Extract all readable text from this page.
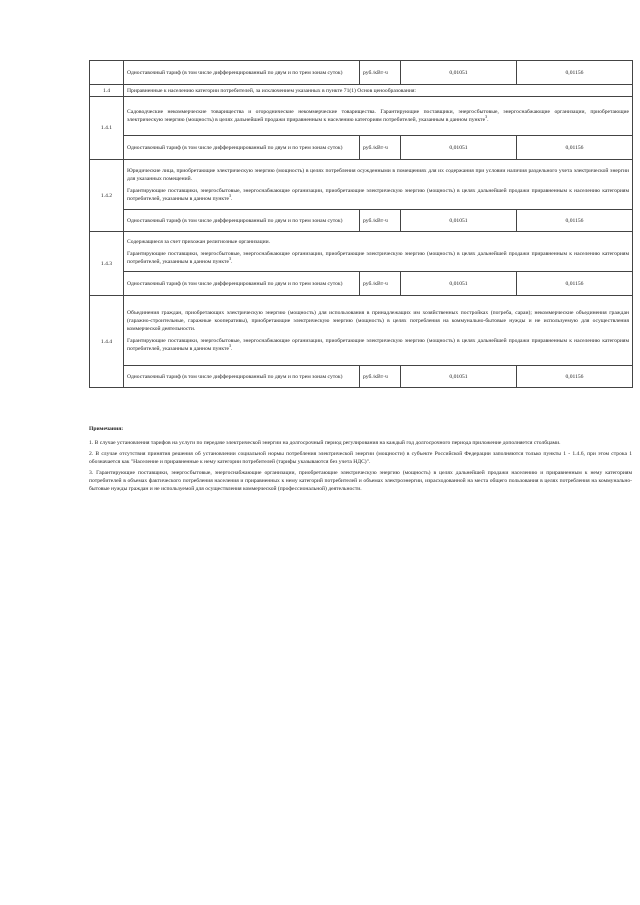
	Одноставочный тариф (в том числе дифференцированный по двум и по трем зонам суток)	руб./кВт·ч	0,01051	0,01156
1.4	Приравненные к населению категории потребителей, за исключением указанных в пункте 71(1) Основ ценообразования:			
1.4.1	Садоводческие некоммерческие товарищества и огороднические некоммерческие товарищества. Гарантирующие поставщики, энергосбытовые, энергоснабжающие организации, приобретающие электрическую энергию (мощность) в целях дальнейшей продажи приравненным к населению категориям потребителей, указанным в данном пункте$^3$.			
	Одноставочный тариф (в том числе дифференцированный по двум и по трем зонам суток)	руб./кВт·ч	0,01051	0,01156
1.4.2	Юридические лица, приобретающие электрическую энергию (мощность) в целях потребления осужденными в помещениях для их содержания при условии наличия раздельного учета электрической энергии для указанных помещений.

Гарантирующие поставщики, энергосбытовые, энергоснабжающие организации, приобретающие электрическую энергию (мощность) в целях дальнейшей продажи приравненным к населению категориям потребителей, указанным в данном пункте$^3$.			

	Одноставочный тариф (в том числе дифференцированный по двум и по трем зонам суток)	руб./кВт·ч	0,01051	0,01156
1.4.3	Содержащиеся за счет прихожан религиозные организации.

Гарантирующие поставщики, энергосбытовые, энергоснабжающие организации, приобретающие электрическую энергию (мощность) в целях дальнейшей продажи приравненным к населению категориям потребителей, указанным в данном пункте$^3$.			

	Одноставочный тариф (в том числе дифференцированный по двум и по трем зонам суток)	руб./кВт·ч	0,01051	0,01156
1.4.4	Объединения граждан, приобретающих электрическую энергию (мощность) для использования в принадлежащих им хозяйственных постройках (погреба, сараи); некоммерческие объединения граждан (гаражно-строительные, гаражные кооперативы), приобретающие электрическую энергию (мощность) в целях потребления на коммунально-бытовые нужды и не используемую для осуществления коммерческой деятельности.

Гарантирующие поставщики, энергосбытовые, энергоснабжающие организации, приобретающие электрическую энергию (мощность) в целях дальнейшей продажи приравненным к населению категориям потребителей, указанным в данном пункте$^3$.			

	Одноставочный тариф (в том числе дифференцированный по двум и по трем зонам суток)	руб./кВт·ч	0,01051	0,01156
Примечания:

1. В случае установления тарифов на услуги по передаче электрической энергии на долгосрочный период регулирования на каждый год долгосрочного периода приложение дополняется столбцами.

2. В случае отсутствия принятия решения об установлении социальной нормы потребления электрической энергии (мощности) в субъекте Российской Федерации заполняются только пункты 1 - 1.4.6, при этом строка 1 обозначается как "Население и приравненные к нему категории потребителей (тарифы указываются без учета НДС)".

3. Гарантирующие поставщики, энергосбытовые, энергоснабжающие организации, приобретающие электрическую энергию (мощность) в целях дальнейшей продажи населению и приравненным к нему категориям потребителей в объемах фактического потребления населения и приравненных к нему категорий потребителей и объемах электроэнергии, израсходованной на места общего пользования в целях потребления на коммунально-бытовые нужды граждан и не используемой для осуществления коммерческой (профессиональной) деятельности.
